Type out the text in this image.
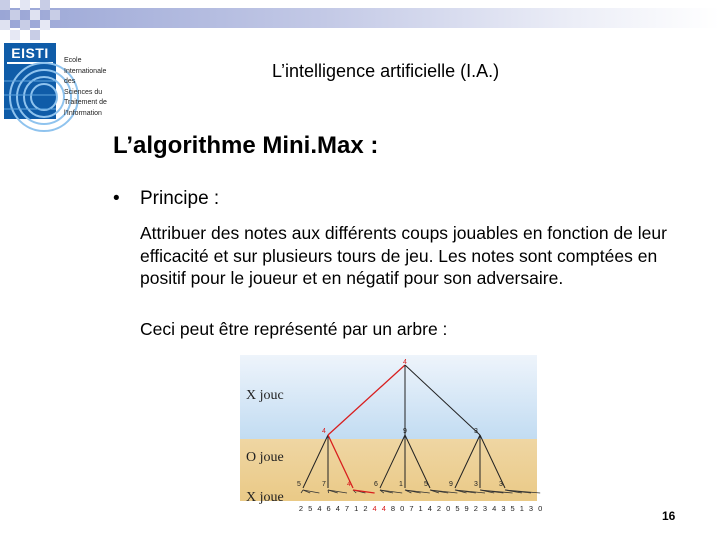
EISTI	Ecole
Internationale
des
Sciences du
Traitement de
l'Information
L’intelligence artificielle (I.A.)
L’algorithme Mini.Max :
• Principe :
Attribuer des notes aux différents coups jouables en fonction de leur efficacité et sur plusieurs tours de jeu. Les notes sont comptées en positif pour le joueur et en négatif pour son adversaire.
Ceci peut être représenté par un arbre :
X jouc
O joue
X joue
4
4	9	3
5	7	4	6	1	5	9	3	3
2 5 4 6 4 7 1 2 4 4 8 0 7 1 4 2 0 5 9 2 3 4 3 5 1 3 0
16
